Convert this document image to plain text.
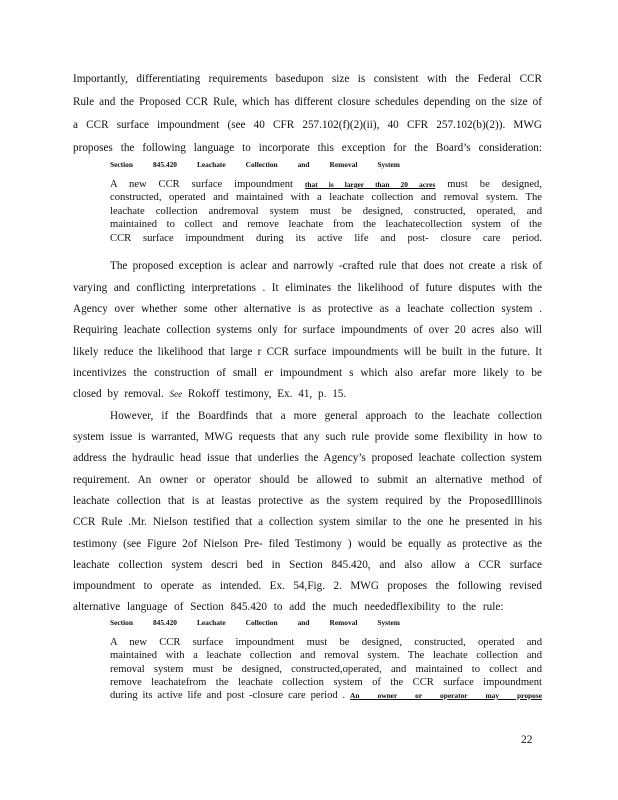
Importantly, differentiating requirements basedupon size is consistent with the Federal CCR
Rule and the Proposed CCR Rule, which has different closure schedules depending on the size of
a CCR surface impoundment (see 40 CFR 257.102(f)(2)(ii), 40 CFR 257.102(b)(2)). MWG
proposes the following language to incorporate this exception for the Board’s consideration:
Section	845.420	Leachate	Collection	and	Removal	System
A new CCR surface impoundment that is larger than 20 acres must be designed,
constructed, operated and maintained with a leachate collection and removal system. The
leachate collection andremoval system must be designed, constructed, operated, and
maintained to collect and remove leachate from the leachatecollection system of the
CCR surface impoundment during its active life and post- closure care period.
The proposed exception is aclear and narrowly -crafted rule that does not create a risk of
varying and conflicting interpretations . It eliminates the likelihood of future disputes with the
Agency over whether some other alternative is as protective as a leachate collection system .
Requiring leachate collection systems only for surface impoundments of over 20 acres also will
likely reduce the likelihood that large r CCR surface impoundments will be built in the future. It
incentivizes the construction of small er impoundment s which also arefar more likely to be
closed by removal. See Rokoff testimony, Ex. 41, p. 15.
However, if the Boardfinds that a more general approach to the leachate collection
system issue is warranted, MWG requests that any such rule provide some flexibility in how to
address the hydraulic head issue that underlies the Agency’s proposed leachate collection system
requirement. An owner or operator should be allowed to submit an alternative method of
leachate collection that is at leastas protective as the system required by the ProposedIllinois
CCR Rule .Mr. Nielson testified that a collection system similar to the one he presented in his
testimony (see Figure 2of Nielson Pre- filed Testimony ) would be equally as protective as the
leachate collection system descri bed in Section 845.420, and also allow a CCR surface
impoundment to operate as intended. Ex. 54,Fig. 2. MWG proposes the following revised
alternative language of Section 845.420 to add the much neededflexibility to the rule:
Section	845.420	Leachate	Collection	and	Removal	System
A new CCR surface impoundment must be designed, constructed, operated and
maintained with a leachate collection and removal system. The leachate collection and
removal system must be designed, constructed,operated, and maintained to collect and
remove leachatefrom the leachate collection system of the CCR surface impoundment
during its active life and post -closure care period . An owner or operator may propose
22
